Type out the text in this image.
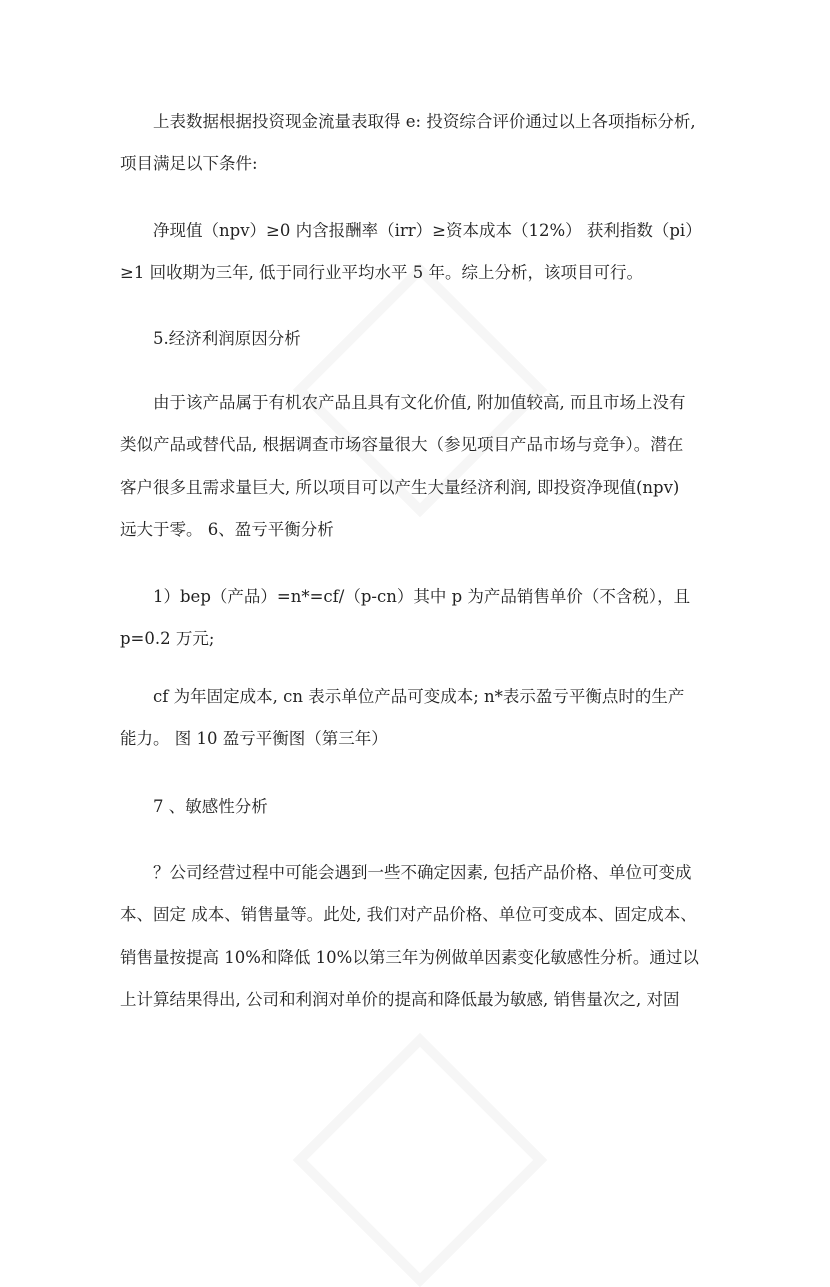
上表数据根据投资现金流量表取得 e: 投资综合评价通过以上各项指标分析,
项目满足以下条件:
净现值（npv）≥0 内含报酬率（irr）≥资本成本（12%） 获利指数（pi）
≥1 回收期为三年, 低于同行业平均水平 5 年。综上分析，该项目可行。
5.经济利润原因分析
由于该产品属于有机农产品且具有文化价值, 附加值较高, 而且市场上没有
类似产品或替代品, 根据调查市场容量很大（参见项目产品市场与竞争）。潜在
客户很多且需求量巨大, 所以项目可以产生大量经济利润, 即投资净现值(npv)
远大于零。 6、盈亏平衡分析
1）bep（产品）=n*=cf/（p-cn）其中 p 为产品销售单价（不含税），且
p=0.2 万元;
cf 为年固定成本, cn 表示单位产品可变成本; n*表示盈亏平衡点时的生产
能力。 图 10 盈亏平衡图（第三年）
7 、敏感性分析
？公司经营过程中可能会遇到一些不确定因素, 包括产品价格、单位可变成
本、固定 成本、销售量等。此处, 我们对产品价格、单位可变成本、固定成本、
销售量按提高 10%和降低 10%以第三年为例做单因素变化敏感性分析。通过以
上计算结果得出, 公司和利润对单价的提高和降低最为敏感, 销售量次之, 对固
